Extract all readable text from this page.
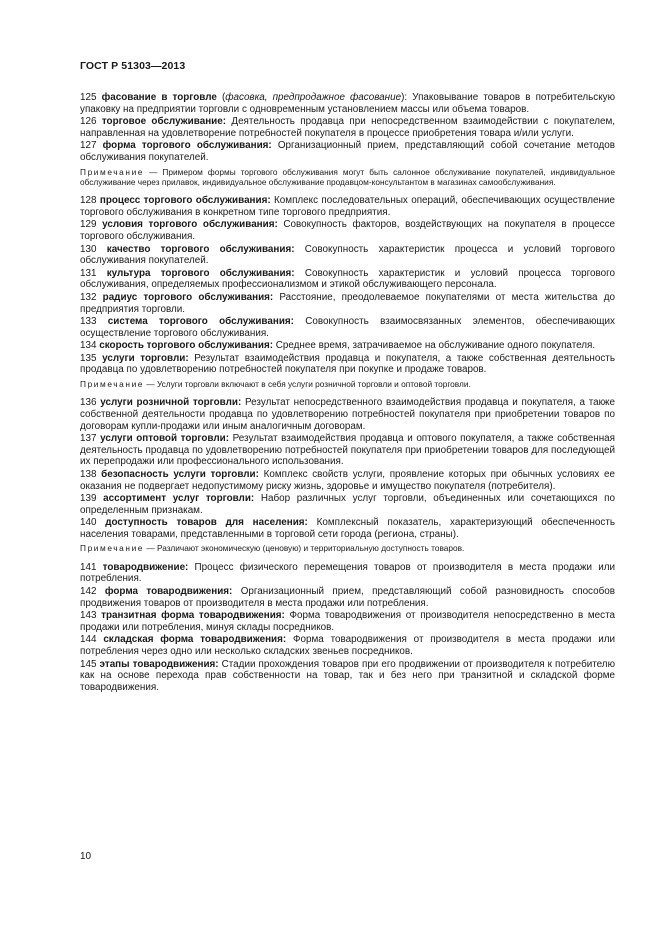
ГОСТ Р 51303—2013
125 фасование в торговле (фасовка, предпродажное фасование): Упаковывание товаров в потребительскую упаковку на предприятии торговли с одновременным установлением массы или объема товаров.
126 торговое обслуживание: Деятельность продавца при непосредственном взаимодействии с покупателем, направленная на удовлетворение потребностей покупателя в процессе приобретения товара и/или услуги.
127 форма торгового обслуживания: Организационный прием, представляющий собой сочетание методов обслуживания покупателей.
Примечание — Примером формы торгового обслуживания могут быть салонное обслуживание покупателей, индивидуальное обслуживание через прилавок, индивидуальное обслуживание продавцом-консультантом в магазинах самообслуживания.
128 процесс торгового обслуживания: Комплекс последовательных операций, обеспечивающих осуществление торгового обслуживания в конкретном типе торгового предприятия.
129 условия торгового обслуживания: Совокупность факторов, воздействующих на покупателя в процессе торгового обслуживания.
130 качество торгового обслуживания: Совокупность характеристик процесса и условий торгового обслуживания покупателей.
131 культура торгового обслуживания: Совокупность характеристик и условий процесса торгового обслуживания, определяемых профессионализмом и этикой обслуживающего персонала.
132 радиус торгового обслуживания: Расстояние, преодолеваемое покупателями от места жительства до предприятия торговли.
133 система торгового обслуживания: Совокупность взаимосвязанных элементов, обеспечивающих осуществление торгового обслуживания.
134 скорость торгового обслуживания: Среднее время, затрачиваемое на обслуживание одного покупателя.
135 услуги торговли: Результат взаимодействия продавца и покупателя, а также собственная деятельность продавца по удовлетворению потребностей покупателя при покупке и продаже товаров.
Примечание — Услуги торговли включают в себя услуги розничной торговли и оптовой торговли.
136 услуги розничной торговли: Результат непосредственного взаимодействия продавца и покупателя, а также собственной деятельности продавца по удовлетворению потребностей покупателя при приобретении товаров по договорам купли-продажи или иным аналогичным договорам.
137 услуги оптовой торговли: Результат взаимодействия продавца и оптового покупателя, а также собственная деятельность продавца по удовлетворению потребностей покупателя при приобретении товаров для последующей их перепродажи или профессионального использования.
138 безопасность услуги торговли: Комплекс свойств услуги, проявление которых при обычных условиях ее оказания не подвергает недопустимому риску жизнь, здоровье и имущество покупателя (потребителя).
139 ассортимент услуг торговли: Набор различных услуг торговли, объединенных или сочетающихся по определенным признакам.
140 доступность товаров для населения: Комплексный показатель, характеризующий обеспеченность населения товарами, представленными в торговой сети города (региона, страны).
Примечание — Различают экономическую (ценовую) и территориальную доступность товаров.
141 товародвижение: Процесс физического перемещения товаров от производителя в места продажи или потребления.
142 форма товародвижения: Организационный прием, представляющий собой разновидность способов продвижения товаров от производителя в места продажи или потребления.
143 транзитная форма товародвижения: Форма товародвижения от производителя непосредственно в места продажи или потребления, минуя склады посредников.
144 складская форма товародвижения: Форма товародвижения от производителя в места продажи или потребления через одно или несколько складских звеньев посредников.
145 этапы товародвижения: Стадии прохождения товаров при его продвижении от производителя к потребителю как на основе перехода прав собственности на товар, так и без него при транзитной и складской форме товародвижения.
10
